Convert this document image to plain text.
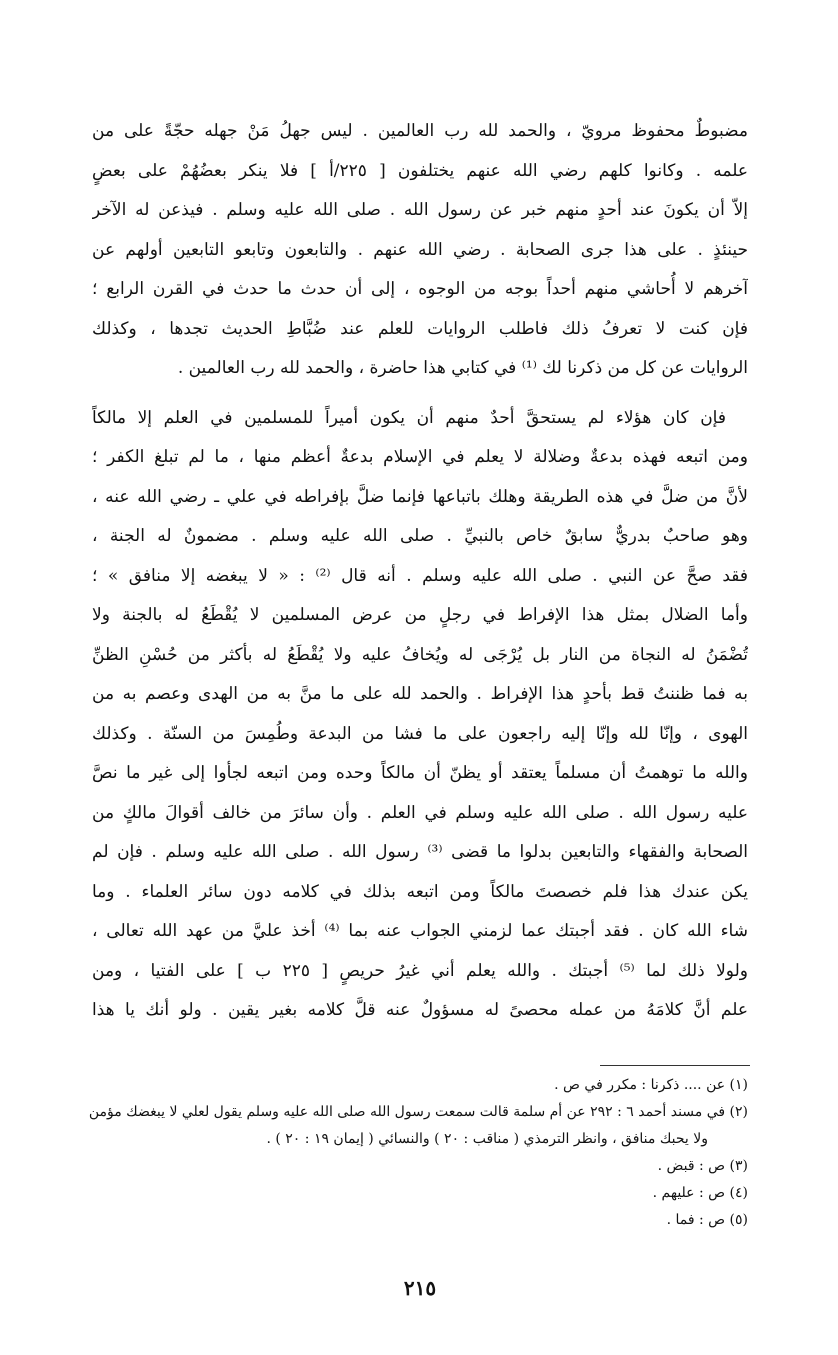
مضبوطٌ محفوظ مرويّ ، والحمد لله رب العالمين . ليس جهلُ مَنْ جهله حجّةً على من
علمه . وكانوا كلهم رضي الله عنهم يختلفون [ ٢٢٥/أ ] فلا ينكر بعضُهُمْ على بعضٍ
إلاّ أن يكونَ عند أحدٍ منهم خبر عن رسول الله . صلى الله عليه وسلم . فيذعن له الآخر
حينئذٍ . على هذا جرى الصحابة . رضي الله عنهم . والتابعون وتابعو التابعين أولهم عن
آخرهم لا أُحاشي منهم أحداً بوجه من الوجوه ، إلى أن حدث ما حدث في القرن الرابع ؛
فإن كنت لا تعرفُ ذلك فاطلب الروايات للعلم عند ضُبَّاطِ الحديث تجدها ، وكذلك
الروايات عن كل من ذكرنا لك ⁽¹⁾ في كتابي هذا حاضرة ، والحمد لله رب العالمين .
فإن كان هؤلاء لم يستحقَّ أحدٌ منهم أن يكون أميراً للمسلمين في العلم إلا مالكاً
ومن اتبعه فهذه بدعةٌ وضلالة لا يعلم في الإسلام بدعةٌ أعظم منها ، ما لم تبلغ الكفر ؛
لأنَّ من ضلَّ في هذه الطريقة وهلك باتباعها فإنما ضلَّ بإفراطه في علي ـ رضي الله عنه ،
وهو صاحبٌ بدريٌّ سابقٌ خاص بالنبيِّ . صلى الله عليه وسلم . مضمونٌ له الجنة ،
فقد صحَّ عن النبي . صلى الله عليه وسلم . أنه قال ⁽²⁾ : « لا يبغضه إلا منافق » ؛
وأما الضلال بمثل هذا الإفراط في رجلٍ من عرض المسلمين لا يُقْطَعُ له بالجنة ولا
تُضْمَنُ له النجاة من النار بل يُرْجَى له ويُخافُ عليه ولا يُقْطَعُ له بأكثر من حُسْنِ الظنِّ
به فما ظننتُ قط بأحدٍ هذا الإفراط . والحمد لله على ما منَّ به من الهدى وعصم به من
الهوى ، وإنّا لله وإنّا إليه راجعون على ما فشا من البدعة وطُمِسَ من السنّة . وكذلك
والله ما توهمتُ أن مسلماً يعتقد أو يظنّ أن مالكاً وحده ومن اتبعه لجأوا إلى غير ما نصَّ
عليه رسول الله . صلى الله عليه وسلم في العلم . وأن سائرَ من خالف أقوالَ مالكٍ من
الصحابة والفقهاء والتابعين بدلوا ما قضى ⁽³⁾ رسول الله . صلى الله عليه وسلم . فإن لم
يكن عندك هذا فلم خصصتَ مالكاً ومن اتبعه بذلك في كلامه دون سائر العلماء . وما
شاء الله كان . فقد أجبتك عما لزمني الجواب عنه بما ⁽⁴⁾ أخذ عليَّ من عهد الله تعالى ،
ولولا ذلك لما ⁽⁵⁾ أجبتك . والله يعلم أني غيرُ حريصٍ [ ٢٢٥ ب ] على الفتيا ، ومن
علم أنَّ كلامَهُ من عمله محصىً له مسؤولٌ عنه قلَّ كلامه بغير يقين . ولو أنك يا هذا
(١) عن .... ذكرنا : مكرر في ص .
(٢) في مسند أحمد ٦ : ٢٩٢ عن أم سلمة قالت سمعت رسول الله صلى الله عليه وسلم يقول لعلي لا يبغضك مؤمن
ولا يحبك منافق ، وانظر الترمذي ( مناقب : ٢٠ ) والنسائي ( إيمان ١٩ : ٢٠ ) .
(٣) ص : قبض .
(٤) ص : عليهم .
(٥) ص : فما .
٢١٥
